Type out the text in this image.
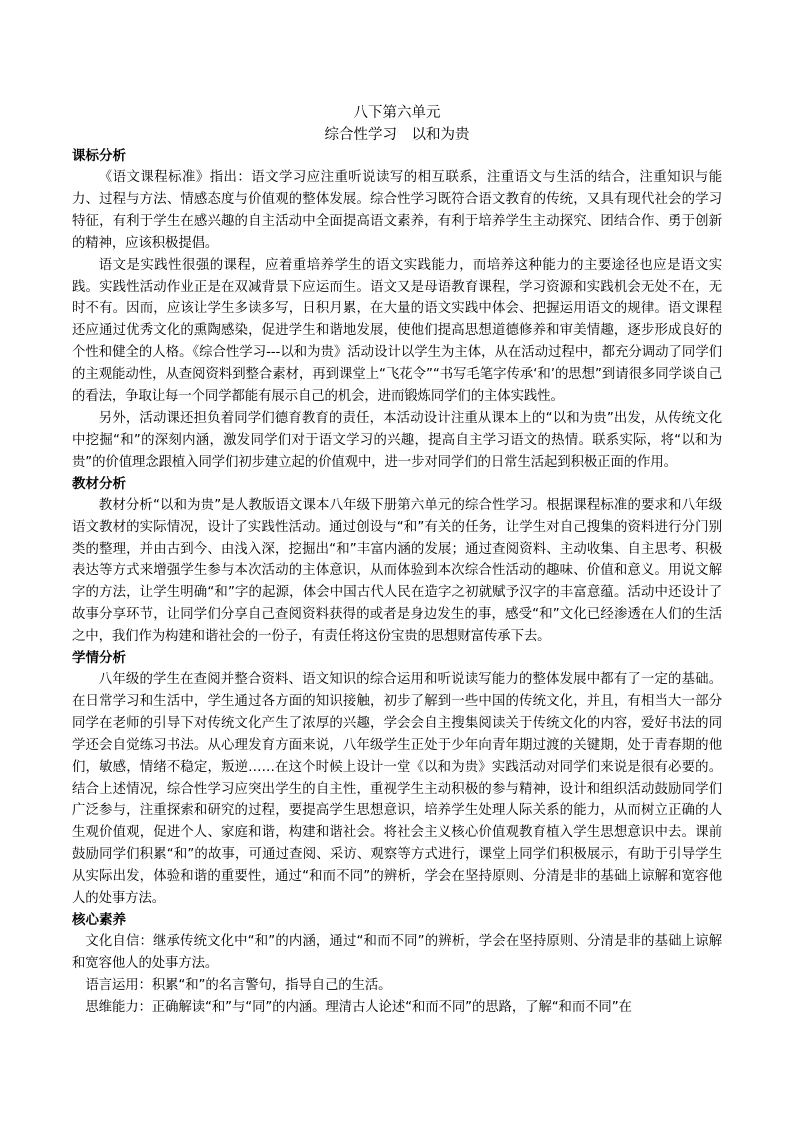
八下第六单元
综合性学习　以和为贵
课标分析

《语文课程标准》指出：语文学习应注重听说读写的相互联系，注重语文与生活的结合，注重知识与能力、过程与方法、情感态度与价值观的整体发展。综合性学习既符合语文教育的传统，又具有现代社会的学习特征，有利于学生在感兴趣的自主活动中全面提高语文素养，有利于培养学生主动探究、团结合作、勇于创新的精神，应该积极提倡。

语文是实践性很强的课程，应着重培养学生的语文实践能力，而培养这种能力的主要途径也应是语文实践。实践性活动作业正是在双减背景下应运而生。语文又是母语教育课程，学习资源和实践机会无处不在，无时不有。因而，应该让学生多读多写，日积月累，在大量的语文实践中体会、把握运用语文的规律。语文课程还应通过优秀文化的熏陶感染，促进学生和谐地发展，使他们提高思想道德修养和审美情趣，逐步形成良好的个性和健全的人格。《综合性学习---以和为贵》活动设计以学生为主体，从在活动过程中，都充分调动了同学们的主观能动性，从查阅资料到整合素材，再到课堂上“飞花令”“书写毛笔字传承‘和’的思想”到请很多同学谈自己的看法，争取让每一个同学都能有展示自己的机会，进而锻炼同学们的主体实践性。

另外，活动课还担负着同学们德育教育的责任，本活动设计注重从课本上的“以和为贵”出发，从传统文化中挖掘“和”的深刻内涵，激发同学们对于语文学习的兴趣，提高自主学习语文的热情。联系实际，将“以和为贵”的价值理念跟植入同学们初步建立起的价值观中，进一步对同学们的日常生活起到积极正面的作用。

教材分析

教材分析“以和为贵”是人教版语文课本八年级下册第六单元的综合性学习。根据课程标准的要求和八年级语文教材的实际情况，设计了实践性活动。通过创设与“和”有关的任务，让学生对自己搜集的资料进行分门别类的整理，并由古到今、由浅入深，挖掘出“和”丰富内涵的发展；通过查阅资料、主动收集、自主思考、积极表达等方式来增强学生参与本次活动的主体意识，从而体验到本次综合性活动的趣味、价值和意义。用说文解字的方法，让学生明确“和”字的起源，体会中国古代人民在造字之初就赋予汉字的丰富意蕴。活动中还设计了故事分享环节，让同学们分享自己查阅资料获得的或者是身边发生的事，感受“和”文化已经渗透在人们的生活之中，我们作为构建和谐社会的一份子，有责任将这份宝贵的思想财富传承下去。

学情分析

八年级的学生在查阅并整合资料、语文知识的综合运用和听说读写能力的整体发展中都有了一定的基础。在日常学习和生活中，学生通过各方面的知识接触，初步了解到一些中国的传统文化，并且，有相当大一部分同学在老师的引导下对传统文化产生了浓厚的兴趣，学会会自主搜集阅读关于传统文化的内容，爱好书法的同学还会自觉练习书法。从心理发育方面来说，八年级学生正处于少年向青年期过渡的关键期，处于青春期的他们，敏感，情绪不稳定，叛逆……在这个时候上设计一堂《以和为贵》实践活动对同学们来说是很有必要的。结合上述情况，综合性学习应突出学生的自主性，重视学生主动积极的参与精神，设计和组织活动鼓励同学们广泛参与，注重探索和研究的过程，要提高学生思想意识，培养学生处理人际关系的能力，从而树立正确的人生观价值观，促进个人、家庭和谐，构建和谐社会。将社会主义核心价值观教育植入学生思想意识中去。课前鼓励同学们积累“和”的故事，可通过查阅、采访、观察等方式进行，课堂上同学们积极展示，有助于引导学生从实际出发，体验和谐的重要性，通过“和而不同”的辨析，学会在坚持原则、分清是非的基础上谅解和宽容他人的处事方法。

核心素养

文化自信：继承传统文化中“和”的内涵，通过“和而不同”的辨析，学会在坚持原则、分清是非的基础上谅解和宽容他人的处事方法。

语言运用：积累“和”的名言警句，指导自己的生活。

思维能力：正确解读“和”与“同”的内涵。理清古人论述“和而不同”的思路，了解“和而不同”在
